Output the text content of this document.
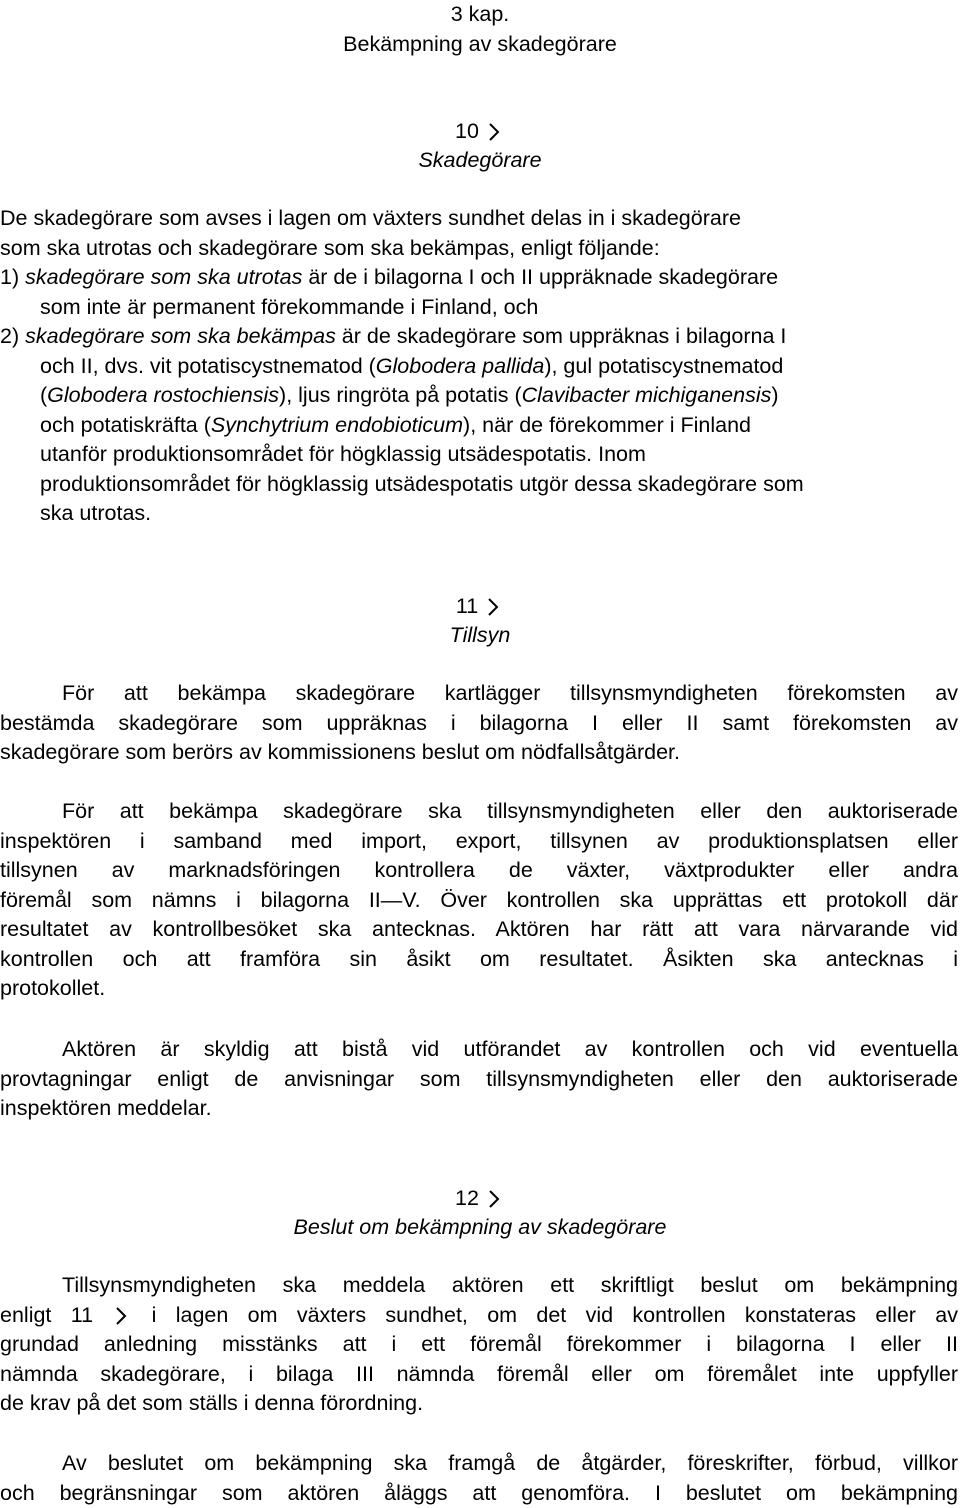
3 kap.
Bekämpning av skadegörare
10
Skadegörare
De skadegörare som avses i lagen om växters sundhet delas in i skadegörare
som ska utrotas och skadegörare som ska bekämpas, enligt följande:
1) skadegörare som ska utrotas är de i bilagorna I och II uppräknade skadegörare
som inte är permanent förekommande i Finland, och
2) skadegörare som ska bekämpas är de skadegörare som uppräknas i bilagorna I
och II, dvs. vit potatiscystnematod (Globodera pallida), gul potatiscystnematod
(Globodera rostochiensis), ljus ringröta på potatis (Clavibacter michiganensis)
och potatiskräfta (Synchytrium endobioticum), när de förekommer i Finland
utanför produktionsområdet för högklassig utsädespotatis. Inom
produktionsområdet för högklassig utsädespotatis utgör dessa skadegörare som
ska utrotas.
11
Tillsyn
För att bekämpa skadegörare kartlägger tillsynsmyndigheten förekomsten av
bestämda skadegörare som uppräknas i bilagorna I eller II samt förekomsten av
skadegörare som berörs av kommissionens beslut om nödfallsåtgärder.
För att bekämpa skadegörare ska tillsynsmyndigheten eller den auktoriserade
inspektören i samband med import, export, tillsynen av produktionsplatsen eller
tillsynen av marknadsföringen kontrollera de växter, växtprodukter eller andra
föremål som nämns i bilagorna II—V. Över kontrollen ska upprättas ett protokoll där
resultatet av kontrollbesöket ska antecknas. Aktören har rätt att vara närvarande vid
kontrollen och att framföra sin åsikt om resultatet. Åsikten ska antecknas i
protokollet.
Aktören är skyldig att bistå vid utförandet av kontrollen och vid eventuella
provtagningar enligt de anvisningar som tillsynsmyndigheten eller den auktoriserade
inspektören meddelar.
12
Beslut om bekämpning av skadegörare
Tillsynsmyndigheten ska meddela aktören ett skriftligt beslut om bekämpning
enligt 11	i lagen om växters sundhet, om det vid kontrollen konstateras eller av
grundad anledning misstänks att i ett föremål förekommer i bilagorna I eller II
nämnda skadegörare, i bilaga III nämnda föremål eller om föremålet inte uppfyller
de krav på det som ställs i denna förordning.
Av beslutet om bekämpning ska framgå de åtgärder, föreskrifter, förbud, villkor
och begränsningar som aktören åläggs att genomföra. I beslutet om bekämpning
